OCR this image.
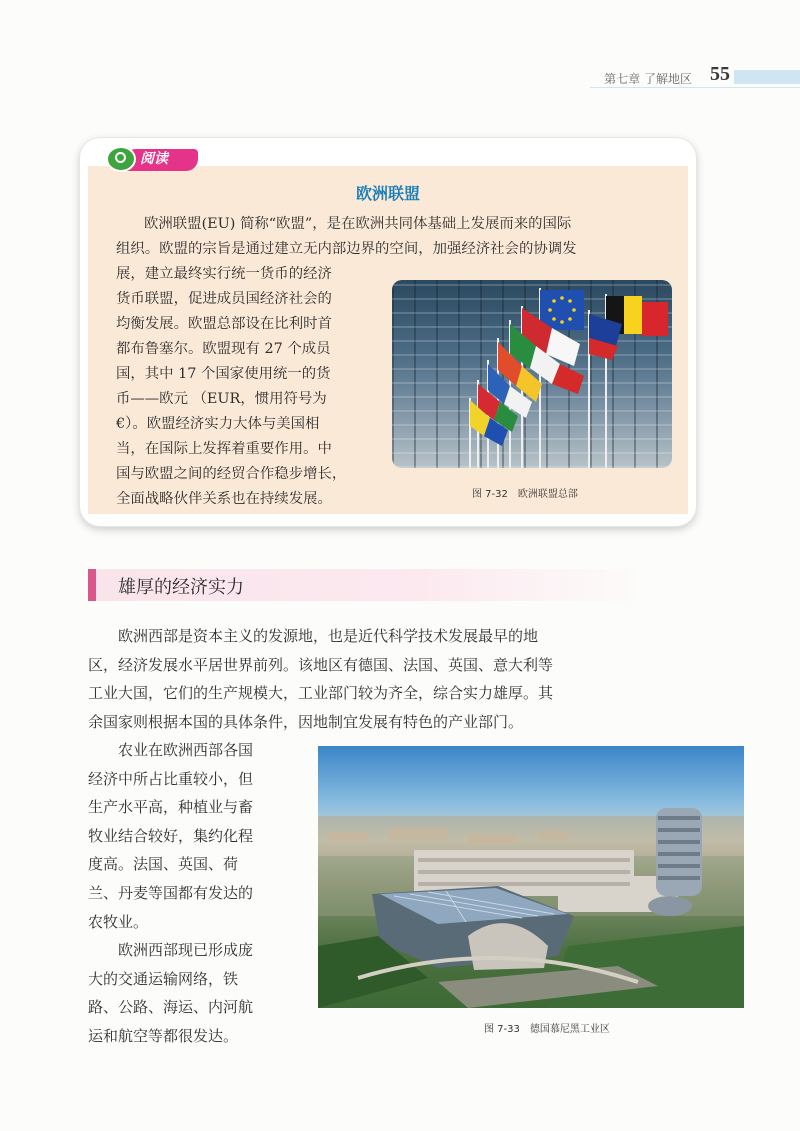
第七章 了解地区 55
阅读
欧洲联盟
欧洲联盟(EU) 简称“欧盟”，是在欧洲共同体基础上发展而来的国际
组织。欧盟的宗旨是通过建立无内部边界的空间，加强经济社会的协调发
展，建立最终实行统一货币的经济
货币联盟，促进成员国经济社会的
均衡发展。欧盟总部设在比利时首
都布鲁塞尔。欧盟现有 27 个成员
国，其中 17 个国家使用统一的货
币——欧元 （EUR，惯用符号为
€）。欧盟经济实力大体与美国相
当，在国际上发挥着重要作用。中
国与欧盟之间的经贸合作稳步增长，
全面战略伙伴关系也在持续发展。	图 7-32　欧洲联盟总部
雄厚的经济实力
　　欧洲西部是资本主义的发源地，也是近代科学技术发展最早的地
区，经济发展水平居世界前列。该地区有德国、法国、英国、意大利等
工业大国，它们的生产规模大，工业部门较为齐全，综合实力雄厚。其
余国家则根据本国的具体条件，因地制宜发展有特色的产业部门。
　　农业在欧洲西部各国
经济中所占比重较小，但
生产水平高，种植业与畜
牧业结合较好，集约化程
度高。法国、英国、荷
兰、丹麦等国都有发达的
农牧业。
　　欧洲西部现已形成庞
大的交通运输网络，铁
路、公路、海运、内河航
运和航空等都很发达。	图 7-33　德国慕尼黑工业区
